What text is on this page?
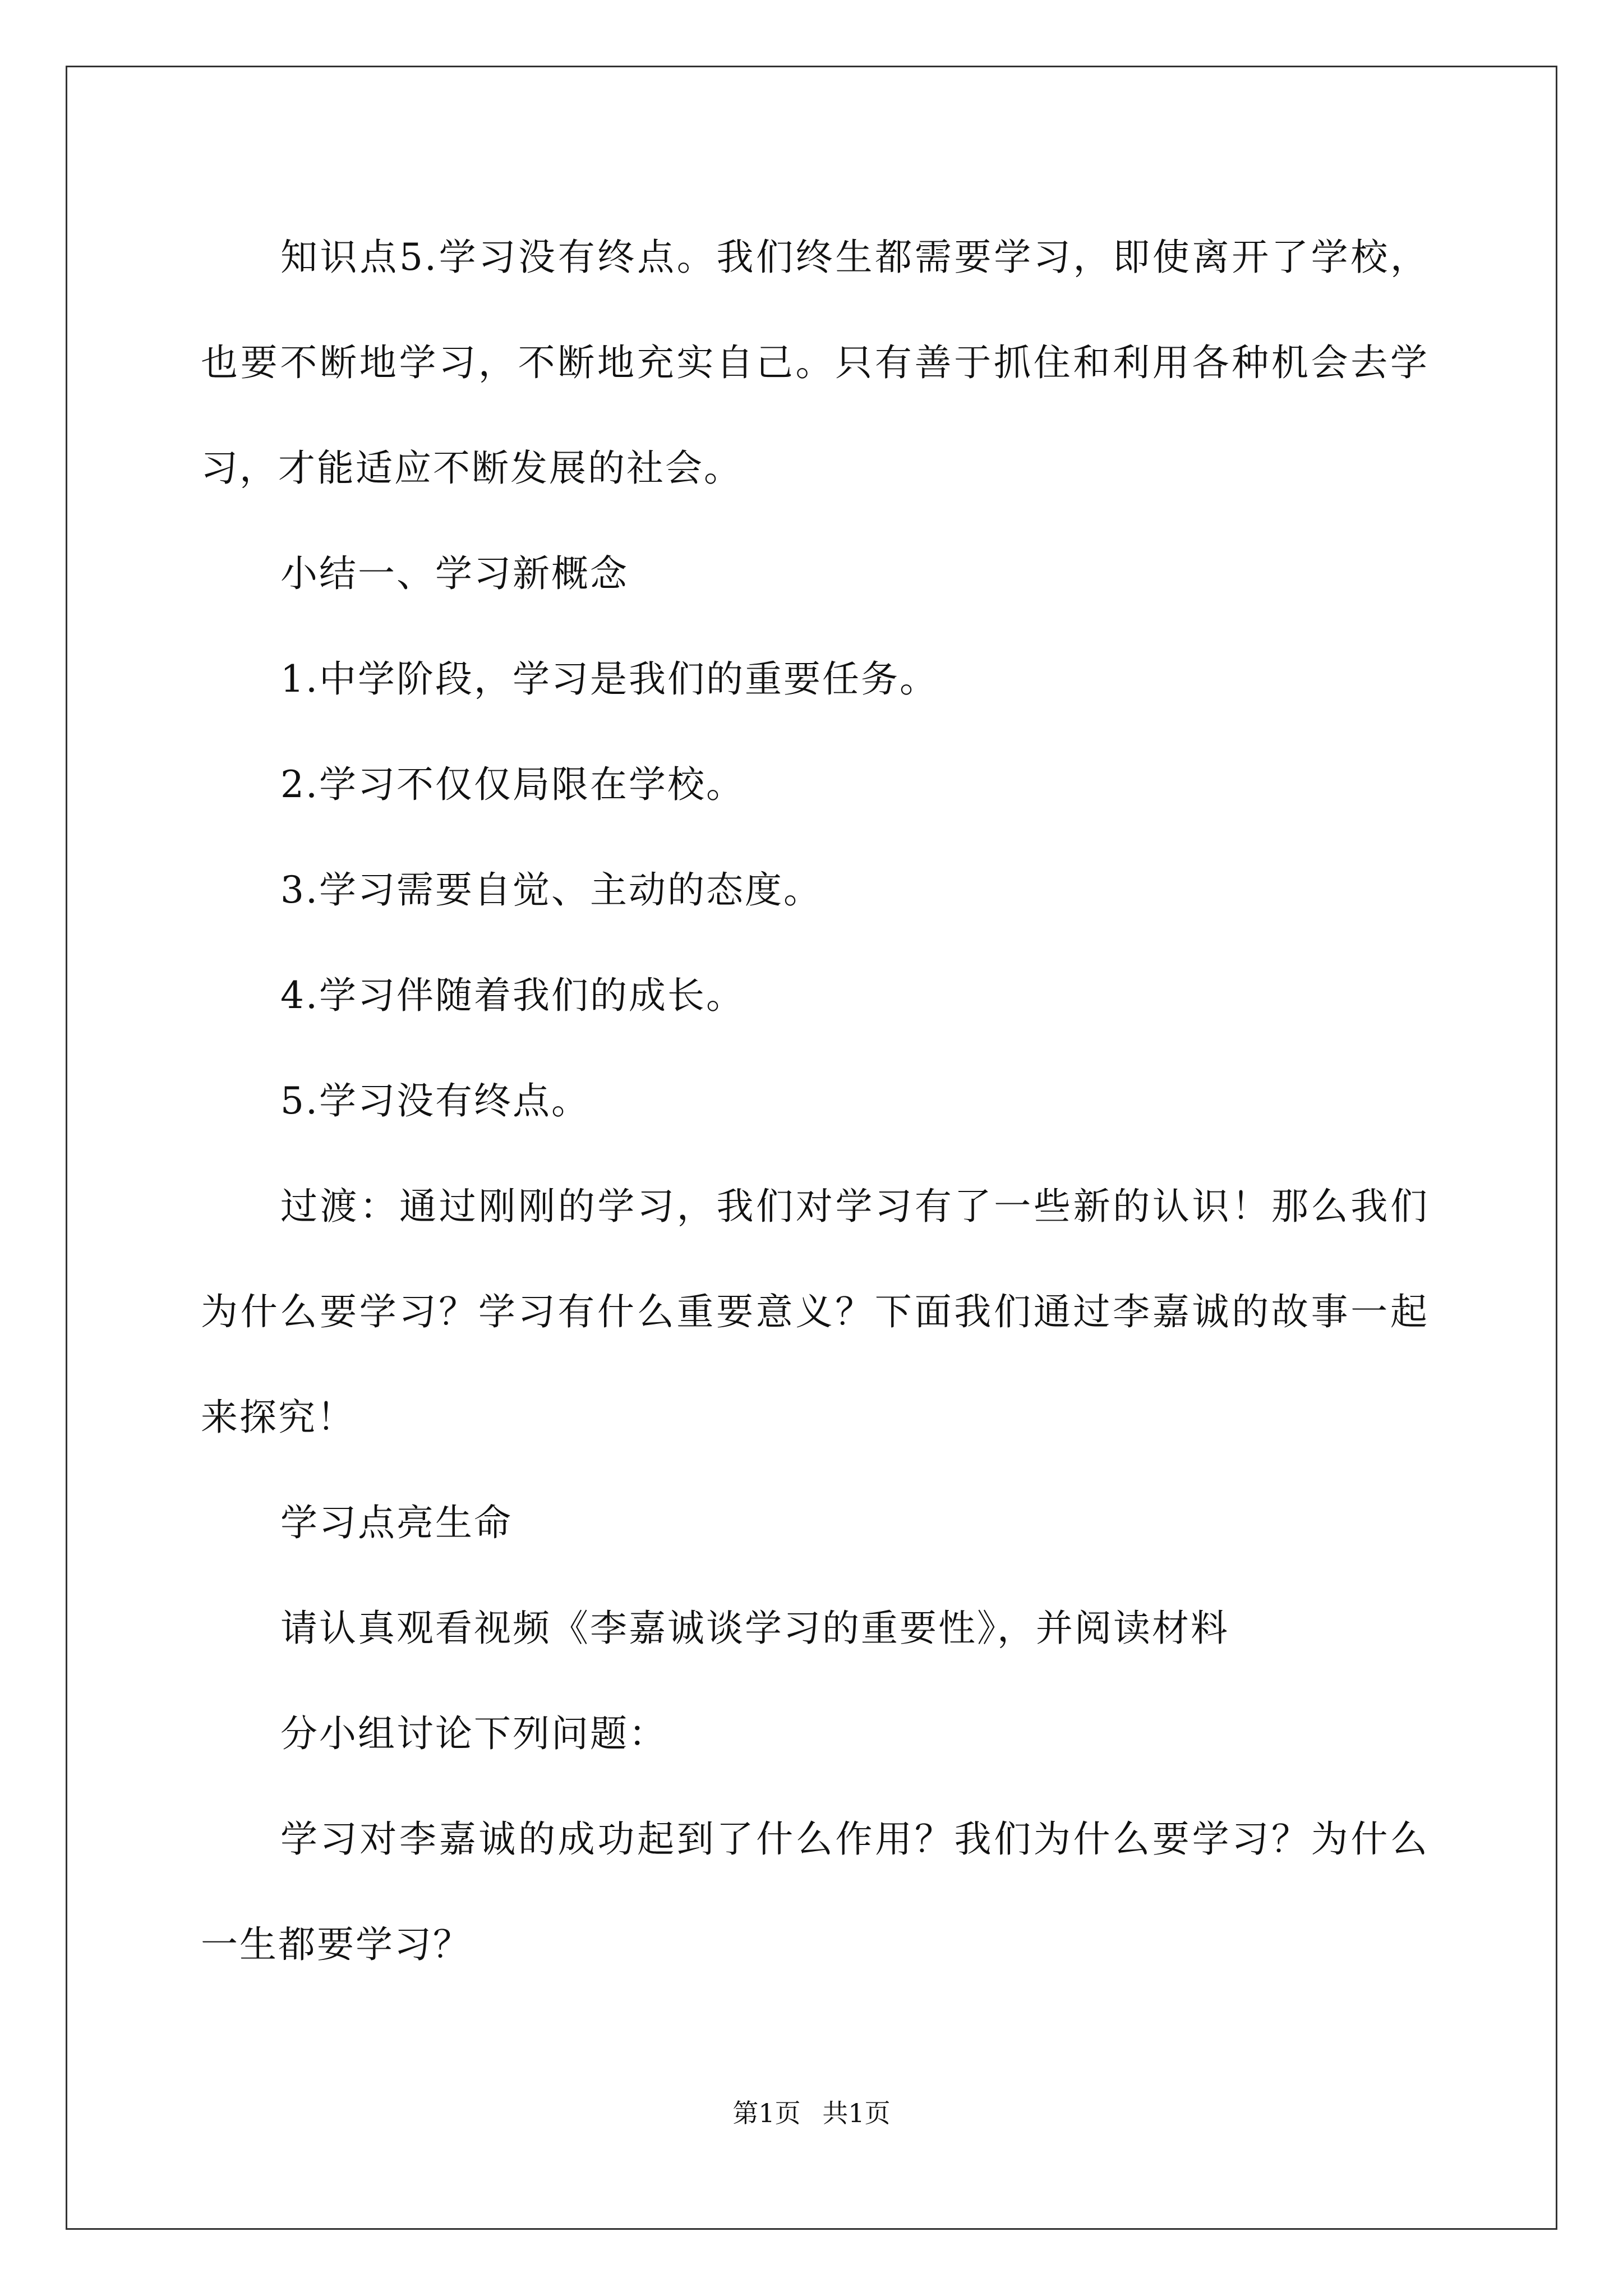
知识点5.学习没有终点。我们终生都需要学习，即使离开了学校，也要不断地学习，不断地充实自己。只有善于抓住和利用各种机会去学习，才能适应不断发展的社会。

小结一、学习新概念

1.中学阶段，学习是我们的重要任务。

2.学习不仅仅局限在学校。

3.学习需要自觉、主动的态度。

4.学习伴随着我们的成长。

5.学习没有终点。

过渡：通过刚刚的学习，我们对学习有了一些新的认识！那么我们为什么要学习？学习有什么重要意义？下面我们通过李嘉诚的故事一起来探究！

学习点亮生命

请认真观看视频《李嘉诚谈学习的重要性》，并阅读材料

分小组讨论下列问题：

学习对李嘉诚的成功起到了什么作用？我们为什么要学习？为什么一生都要学习？

第1页 共1页
